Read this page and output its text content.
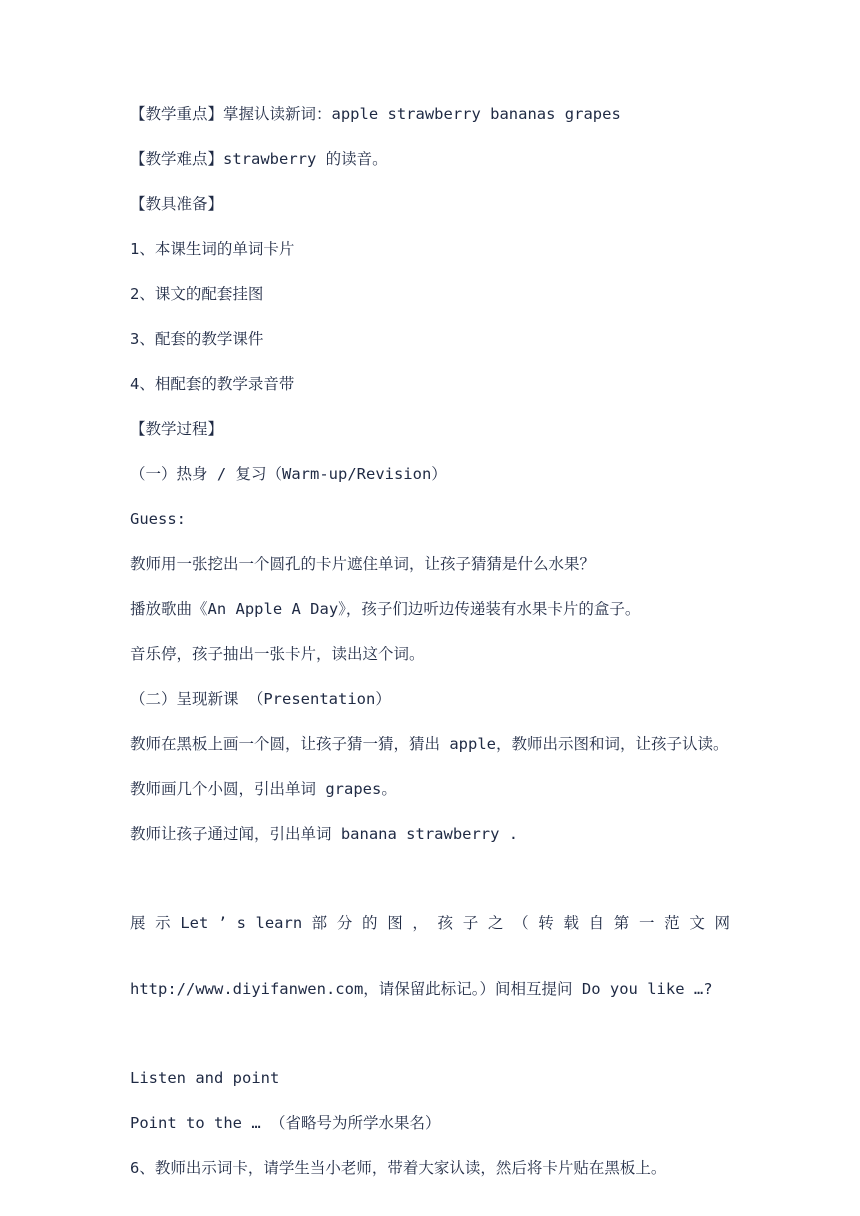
【教学重点】掌握认读新词：apple strawberry bananas grapes

【教学难点】strawberry 的读音。

【教具准备】

1、本课生词的单词卡片

2、课文的配套挂图

3、配套的教学课件

4、相配套的教学录音带

【教学过程】

（一）热身 / 复习（Warm-up/Revision）

Guess:

教师用一张挖出一个圆孔的卡片遮住单词，让孩子猜猜是什么水果？

播放歌曲《An Apple A Day》，孩子们边听边传递装有水果卡片的盒子。

音乐停，孩子抽出一张卡片，读出这个词。

（二）呈现新课 （Presentation）

教师在黑板上画一个圆，让孩子猜一猜，猜出 apple，教师出示图和词，让孩子认读。

教师画几个小圆，引出单词 grapes。

教师让孩子通过闻，引出单词 banana strawberry .

展 示 Let ’ s learn 部 分 的 图 ， 孩 子 之 （ 转 载 自 第 一 范 文 网

http://www.diyifanwen.com，请保留此标记。）间相互提问 Do you like …?

Listen and point

Point to the … （省略号为所学水果名）

6、教师出示词卡，请学生当小老师，带着大家认读，然后将卡片贴在黑板上。
